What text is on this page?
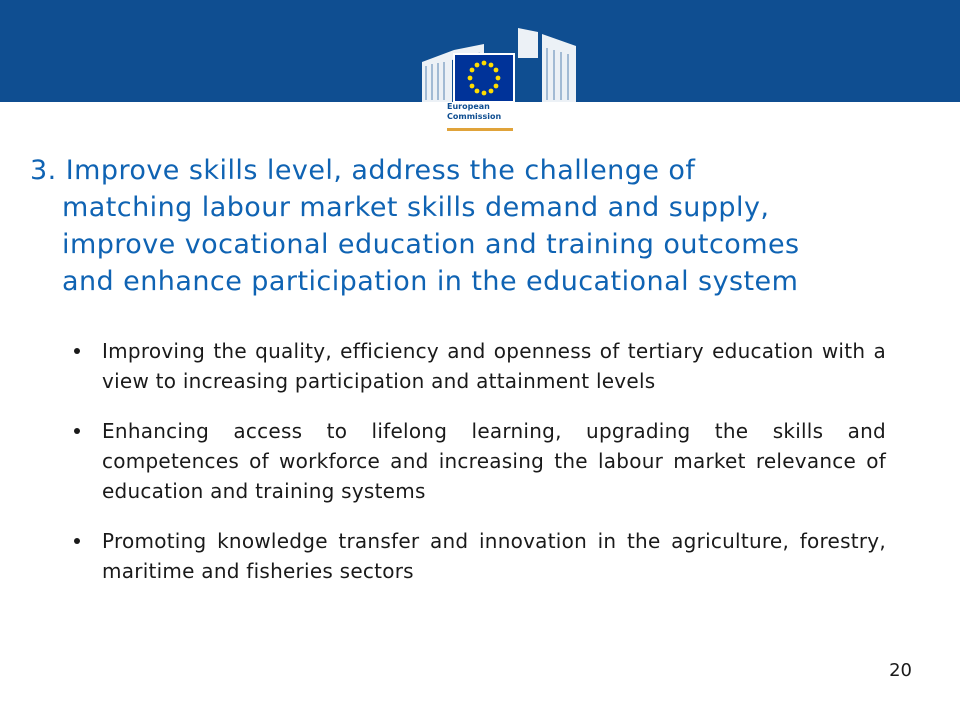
European
Commission
3. Improve skills level, address the challenge of
matching labour market skills demand and supply,
improve vocational education and training outcomes
and enhance participation in the educational system
Improving the quality, efficiency and openness of tertiary education with a view to increasing participation and attainment levels
Enhancing access to lifelong learning, upgrading the skills and competences of workforce and increasing the labour market relevance of education and training systems
Promoting knowledge transfer and innovation in the agriculture, forestry, maritime and fisheries sectors
20
